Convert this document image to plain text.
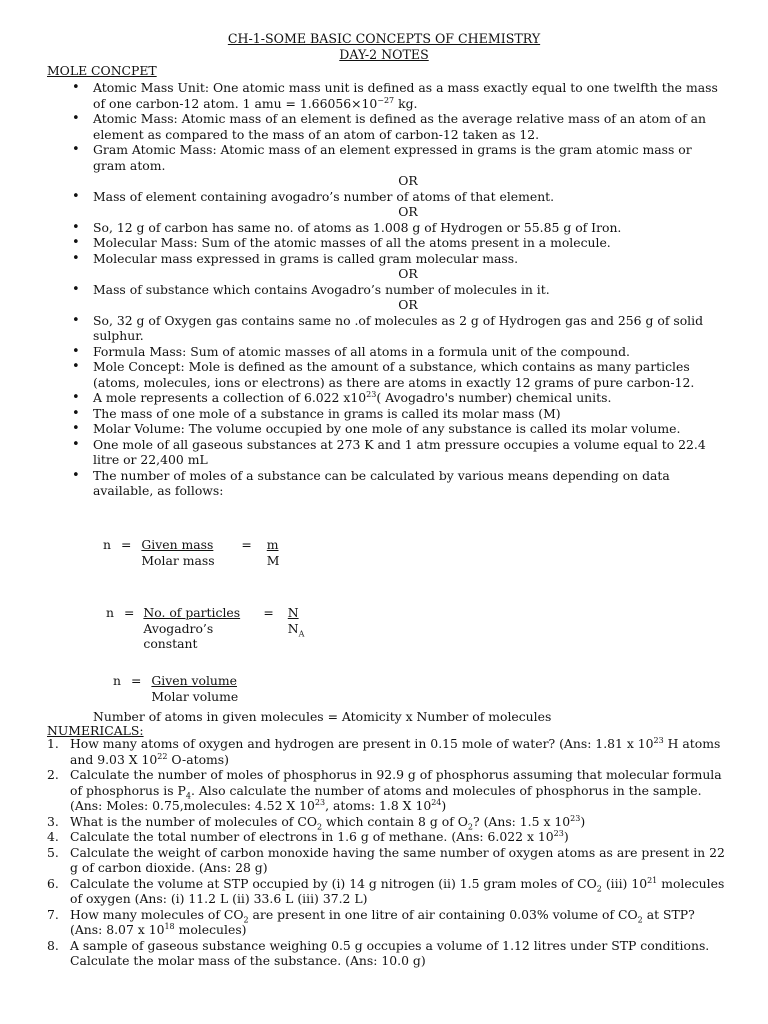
CH-1-SOME BASIC CONCEPTS OF CHEMISTRY
DAY-2 NOTES
MOLE CONCPET
• Atomic Mass Unit: One atomic mass unit is defined as a mass exactly equal to one twelfth the mass of one carbon-12 atom. 1 amu = $1.66056\times 10^{-27}$ kg.
• Atomic Mass: Atomic mass of an element is defined as the average relative mass of an atom of an element as compared to the mass of an atom of carbon-12 taken as 12.
• Gram Atomic Mass: Atomic mass of an element expressed in grams is the gram atomic mass or gram atom.
OR
• Mass of element containing avogadro’s number of atoms of that element.
OR
• So, 12 g of carbon has same no. of atoms as 1.008 g of Hydrogen or 55.85 g of Iron.
• Molecular Mass: Sum of the atomic masses of all the atoms present in a molecule.
• Molecular mass expressed in grams is called gram molecular mass.
OR
• Mass of substance which contains Avogadro’s number of molecules in it.
OR
• So, 32 g of Oxygen gas contains same no .of molecules as 2 g of Hydrogen gas and 256 g of solid sulphur.
• Formula Mass: Sum of atomic masses of all atoms in a formula unit of the compound.
• Mole Concept: Mole is defined as the amount of a substance, which contains as many particles (atoms, molecules, ions or electrons) as there are atoms in exactly 12 grams of pure carbon-12.
• A mole represents a collection of 6.022 $x10^{23}$( Avogadro's number) chemical units.
• The mass of one mole of a substance in grams is called its molar mass (M)
• Molar Volume: The volume occupied by one mole of any substance is called its molar volume.
• One mole of all gaseous substances at 273 K and 1 atm pressure occupies a volume equal to 22.4 litre or 22,400 mL
• The number of moles of a substance can be calculated by various means depending on data available, as follows:
n = Given mass
Molar mass
= $\frac{m}{M}$
n = No. of particles
Avogadro’s constant
= $\frac{N}{N_A}$
n = Given volume
Molar volume
Number of atoms in given molecules = Atomicity x Number of molecules
NUMERICALS:
1. How many atoms of oxygen and hydrogen are present in 0.15 mole of water? (Ans: 1.81 x $10^{23}$ H atoms and 9.03 X $10^{22}$ O-atoms)
2. Calculate the number of moles of phosphorus in 92.9 g of phosphorus assuming that molecular formula of phosphorus is $P_4$. Also calculate the number of atoms and molecules of phosphorus in the sample. (Ans: Moles: 0.75,molecules: 4.52 X $10^{23}$, atoms: 1.8 X $10^{24}$)
3. What is the number of molecules of $CO_2$ which contain 8 g of $O_2$? (Ans: 1.5 x $10^{23}$)
4. Calculate the total number of electrons in 1.6 g of methane. (Ans: 6.022 x $10^{23}$)
5. Calculate the weight of carbon monoxide having the same number of oxygen atoms as are present in 22 g of carbon dioxide. (Ans: 28 g)
6. Calculate the volume at STP occupied by (i) 14 g nitrogen (ii) 1.5 gram moles of $CO_2$ (iii) $10^{21}$ molecules of oxygen (Ans: (i) 11.2 L (ii) 33.6 L (iii) 37.2 L)
7. How many molecules of $CO_2$ are present in one litre of air containing 0.03% volume of $CO_2$ at STP? (Ans: 8.07 x $10^{18}$ molecules)
8. A sample of gaseous substance weighing 0.5 g occupies a volume of 1.12 litres under STP conditions. Calculate the molar mass of the substance. (Ans: 10.0 g)
